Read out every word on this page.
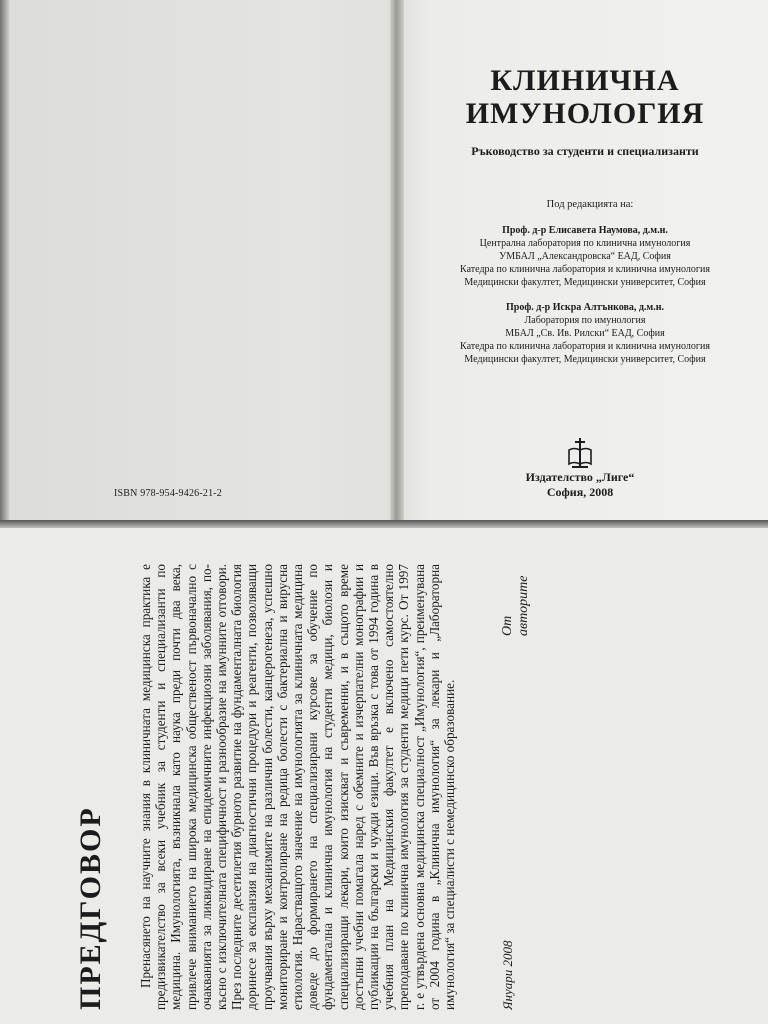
ISBN 978-954-9426-21-2
КЛИНИЧНА
ИМУНОЛОГИЯ
Ръководство за студенти и специализанти
Под редакцията на:
Проф. д-р Елисавета Наумова, д.м.н.
Централна лаборатория по клинична имунология
УМБАЛ „Александровска“ ЕАД, София
Катедра по клинична лаборатория и клинична имунология
Медицински факултет, Медицински университет, София
Проф. д-р Искра Алтънкова, д.м.н.
Лаборатория по имунология
МБАЛ „Св. Ив. Рилски“ ЕАД, София
Катедра по клинична лаборатория и клинична имунология
Медицински факултет, Медицински университет, София
Издателство „Лиге“
София, 2008
ПРЕДГОВОР Пренасянето на научните знания в клиничната медицинска практика е предизвикателство за всеки учебник за студенти и специализанти по медицина. Имунологията, възникнала като наука преди почти два века, привлече вниманието на широка медицинска общественост първоначално с очакванията за ликвидиране на епидемичните инфекциозни заболявания, по-късно с изключителната специфичност и разнообразие на имунните отговори. През последните десетилетия бурното развитие на фундаменталната биология доринесе за експанзия на диагностични процедури и реагенти, позволяващи проучвания върху механизмите на различни болести, канцерогенеза, успешно мониториране и контролиране на редица болести с бактериална и вирусна етиология. Нарастващото значение на имунологията за клиничната медицина доведе до формирането на специализирани курсове за обучение по фундаментална и клинична имунология на студенти медици, биолози и специализиращи лекари, които изискват и съвременни, и в същото време достъпни учебни помагала наред с обемните и изчерпателни монографии и публикации на български и чужди езици. Във връзка с това от 1994 година в учебния план на Медицинския факултет е включено самостоятелно преподаване по клинична имунология за студенти медици пети курс. От 1997 г. е утвърдена основна медицинска специалност „Имунология“, преименувана от 2004 година в „Клинична имунология“ за лекари и „Лабораторна имунология“ за специалисти с немедицинско образование.	Януари 2008
От авторите
